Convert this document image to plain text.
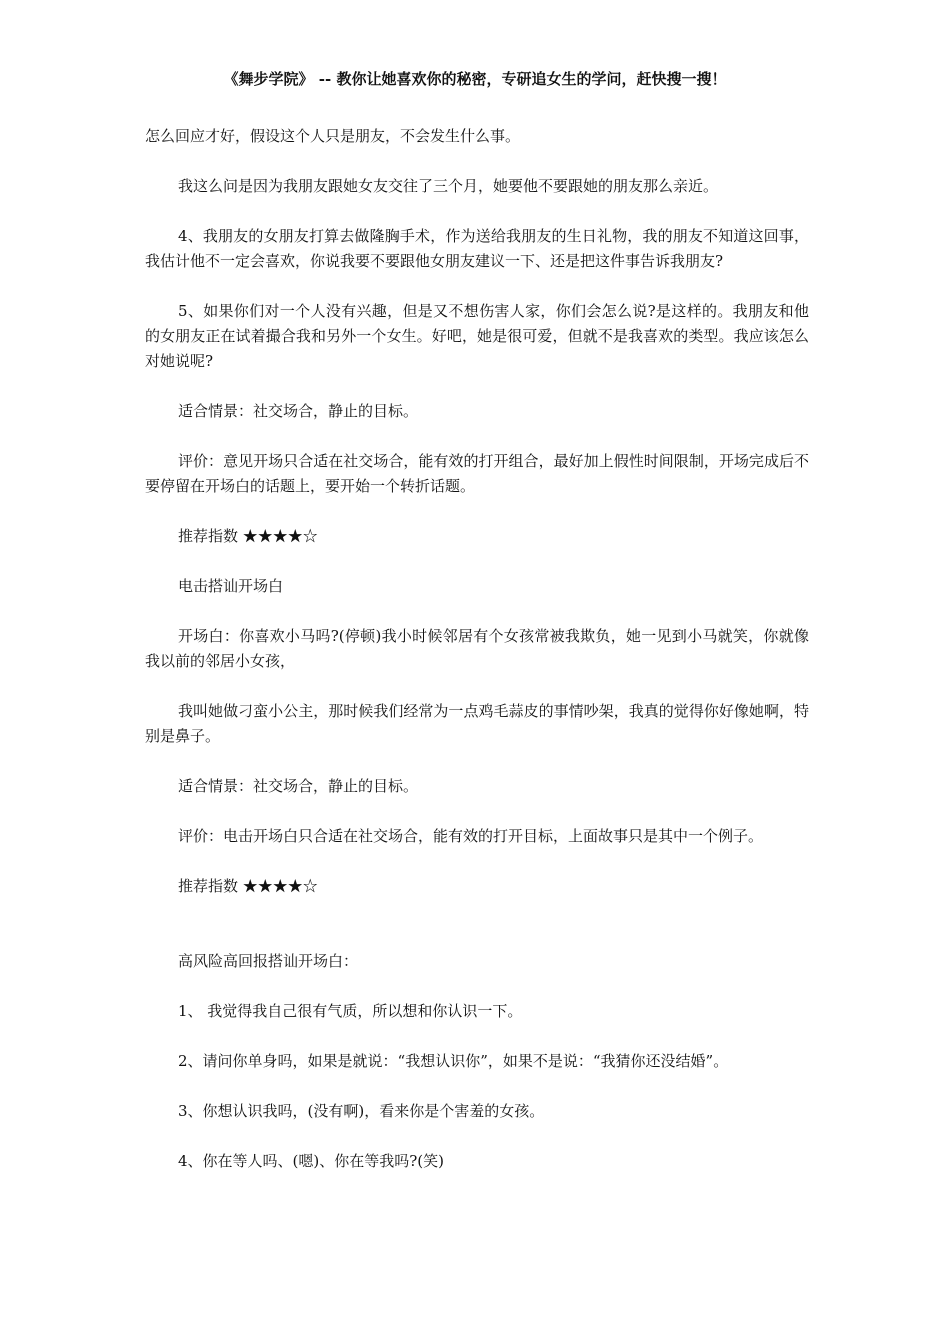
《舞步学院》 -- 教你让她喜欢你的秘密，专研追女生的学问，赶快搜一搜！

怎么回应才好，假设这个人只是朋友，不会发生什么事。

我这么问是因为我朋友跟她女友交往了三个月，她要他不要跟她的朋友那么亲近。

4、我朋友的女朋友打算去做隆胸手术，作为送给我朋友的生日礼物，我的朋友不知道这回事，我估计他不一定会喜欢，你说我要不要跟他女朋友建议一下、还是把这件事告诉我朋友?

5、如果你们对一个人没有兴趣，但是又不想伤害人家，你们会怎么说?是这样的。我朋友和他的女朋友正在试着撮合我和另外一个女生。好吧，她是很可爱，但就不是我喜欢的类型。我应该怎么对她说呢?

适合情景：社交场合，静止的目标。

评价：意见开场只合适在社交场合，能有效的打开组合，最好加上假性时间限制，开场完成后不要停留在开场白的话题上，要开始一个转折话题。

推荐指数 ★★★★☆

电击搭讪开场白

开场白：你喜欢小马吗?(停顿)我小时候邻居有个女孩常被我欺负，她一见到小马就笑，你就像我以前的邻居小女孩，

我叫她做刁蛮小公主，那时候我们经常为一点鸡毛蒜皮的事情吵架，我真的觉得你好像她啊，特别是鼻子。

适合情景：社交场合，静止的目标。

评价：电击开场白只合适在社交场合，能有效的打开目标，上面故事只是其中一个例子。

推荐指数 ★★★★☆

高风险高回报搭讪开场白：

1、 我觉得我自己很有气质，所以想和你认识一下。

2、请问你单身吗，如果是就说：“我想认识你”，如果不是说：“我猜你还没结婚”。

3、你想认识我吗，(没有啊)，看来你是个害羞的女孩。

4、你在等人吗、(嗯)、你在等我吗?(笑)
